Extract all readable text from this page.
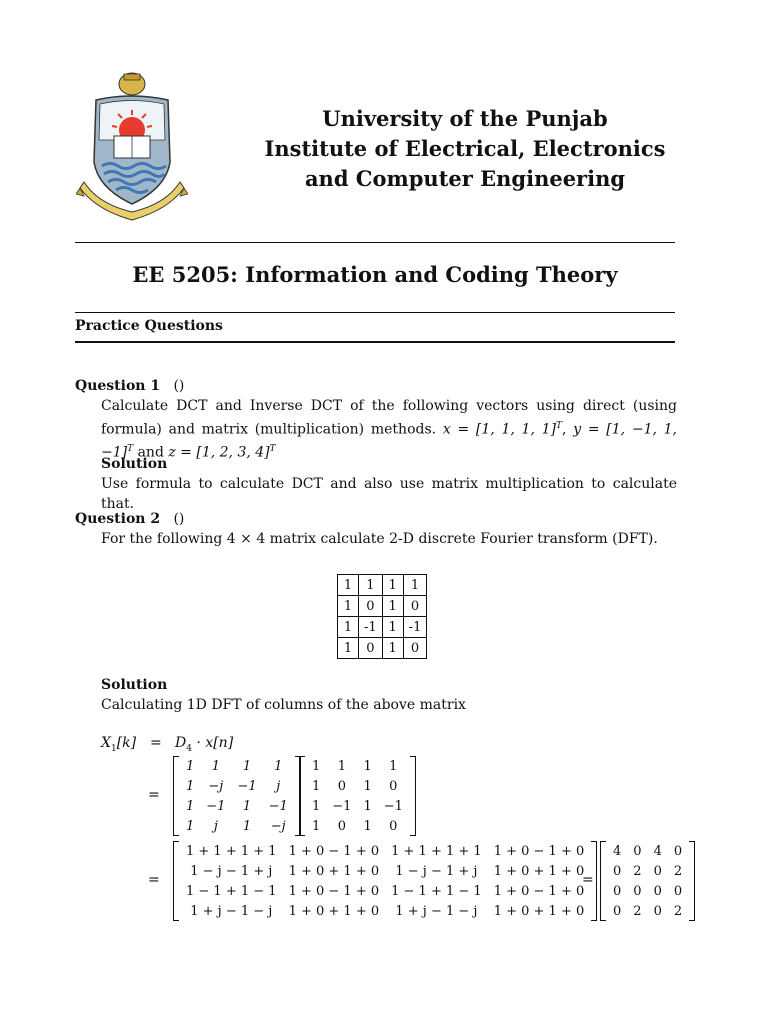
University of the Punjab
Institute of Electrical, Electronics
and Computer Engineering
EE 5205: Information and Coding Theory
Practice Questions
Question 1 ()
Calculate DCT and Inverse DCT of the following vectors using direct (using formula) and matrix (multiplication) methods. x = [1, 1, 1, 1]$^T$, y = [1, −1, 1, −1]$^T$ and z = [1, 2, 3, 4]$^T$
Solution
Use formula to calculate DCT and also use matrix multiplication to calculate that.
Question 2 ()
For the following 4 × 4 matrix calculate 2-D discrete Fourier transform (DFT).
1	1	1	1
1	0	1	0
1	-1	1	-1
1	0	1	0
Solution
Calculating 1D DFT of columns of the above matrix
$X_1[k] = D_4 \cdot x[n]$
=
1	1	1	1
1	−j	−1	j
1	−1	1	−1
1	j	1	−j
1	1	1	1
1	0	1	0
1	−1	1	−1
1	0	1	0
=
1 + 1 + 1 + 1	1 + 0 − 1 + 0	1 + 1 + 1 + 1	1 + 0 − 1 + 0
1 − j − 1 + j	1 + 0 + 1 + 0	1 − j − 1 + j	1 + 0 + 1 + 0
1 − 1 + 1 − 1	1 + 0 − 1 + 0	1 − 1 + 1 − 1	1 + 0 − 1 + 0
1 + j − 1 − j	1 + 0 + 1 + 0	1 + j − 1 − j	1 + 0 + 1 + 0
=
4	0	4	0
0	2	0	2
0	0	0	0
0	2	0	2
